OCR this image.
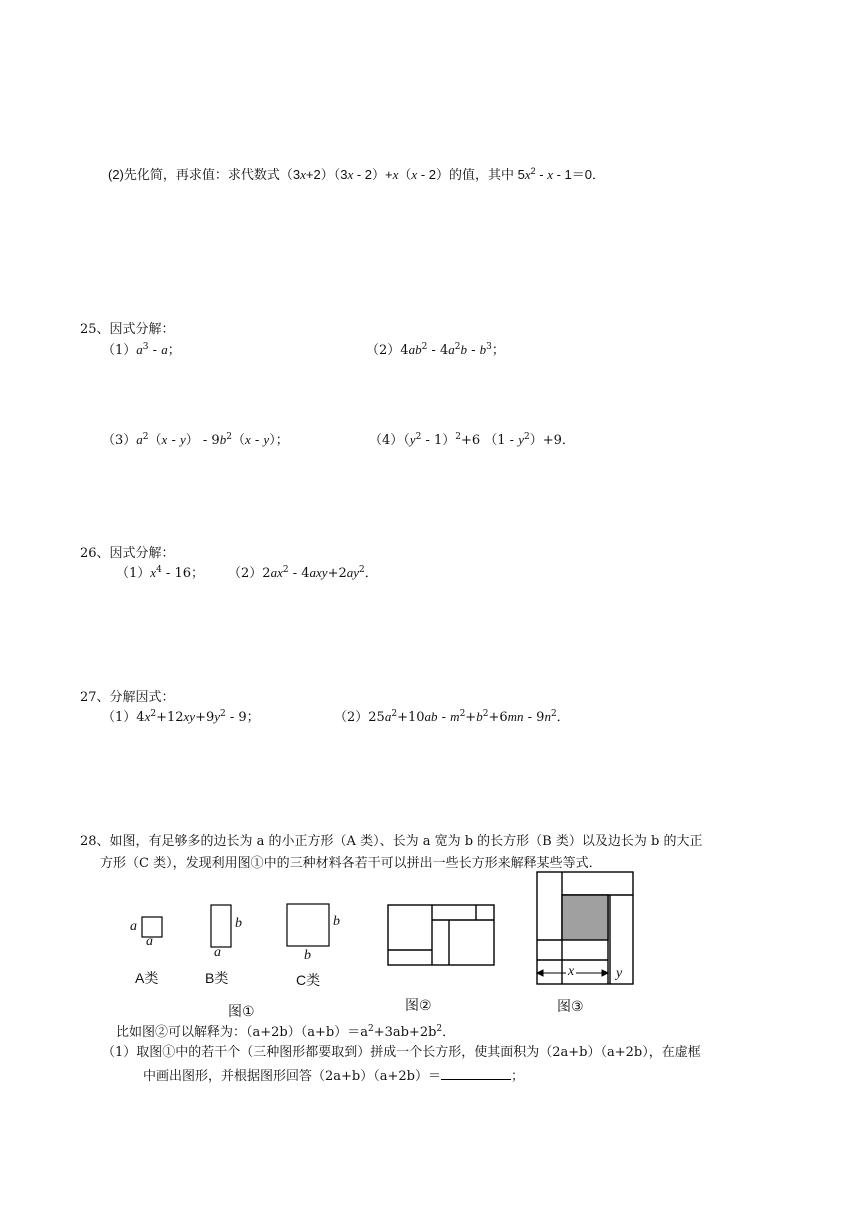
(2)先化简，再求值：求代数式（3x+2）（3x ‑ 2）+x（x ‑ 2）的值，其中 $5x^2$ ‑ x ‑ 1＝0．
25、因式分解：
$(1)a^3$ ‑ a；	$(2)4ab^2$ ‑ $4a^2b$ ‑ $b^3$；
$(3)a^2(x$ ‑ y） ‑ $9b^2(x$ ‑ y）；	$(4)(y^2$ ‑ 1）$^2$+6 （1 ‑ $y^2)+9$．
26、因式分解：
$(1)x^4$ ‑ 16； $(2)2ax^2$ ‑ $4axy+2ay^2$．
27、分解因式：
$(1)4x^2+12xy+9y^2$ ‑ 9；	$(2)25a^2+10ab$ ‑ $m^2+b^2+6mn$ ‑ $9n^2$．
28、如图，有足够多的边长为 a 的小正方形（A 类）、长为 a 宽为 b 的长方形（B 类）以及边长为 b 的大正
方形（C 类），发现利用图①中的三种材料各若干可以拼出一些长方形来解释某些等式．
a
a
b
a
b
b
A类	B类	C类
图①	图②	图③
x	y
比如图②可以解释为：$(a+2b)(a+b)=a^2+3ab+2b^2$．
（1）取图①中的若干个（三种图形都要取到）拼成一个长方形，使其面积为（2a+b）（a+2b），在虚框
中画出图形，并根据图形回答（2a+b）（a+2b）＝	；
